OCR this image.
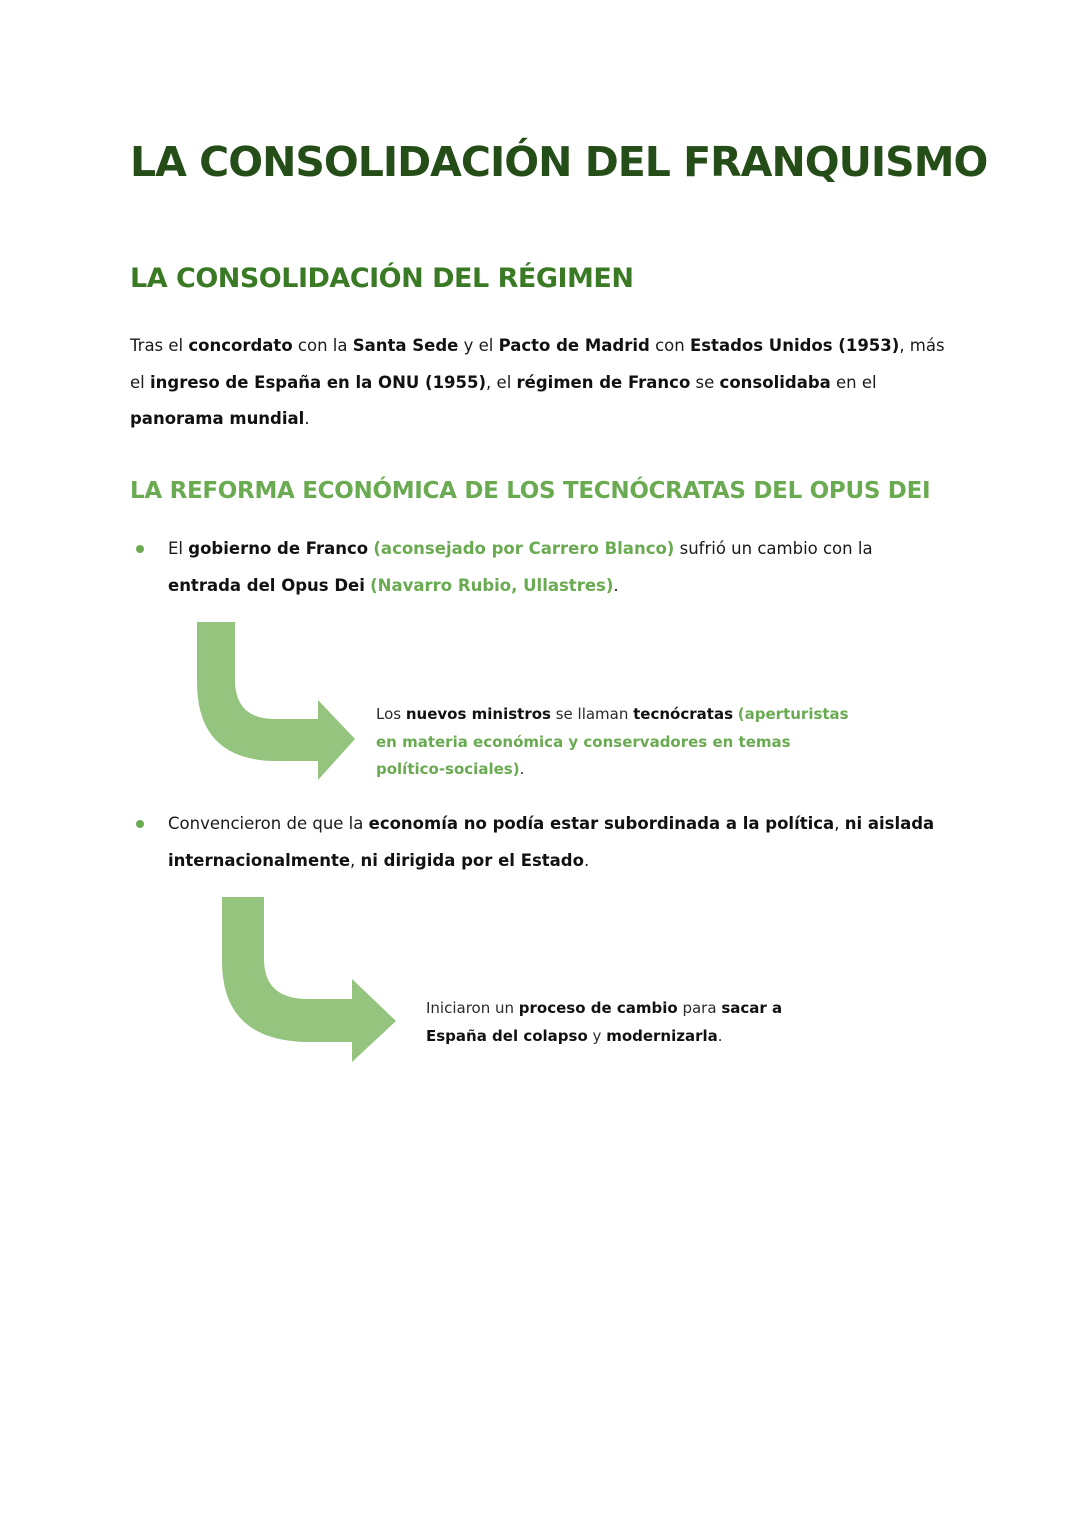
LA CONSOLIDACIÓN DEL FRANQUISMO
LA CONSOLIDACIÓN DEL RÉGIMEN

Tras el concordato con la Santa Sede y el Pacto de Madrid con Estados Unidos (1953), más el ingreso de España en la ONU (1955), el régimen de Franco se consolidaba en el panorama mundial.

LA REFORMA ECONÓMICA DE LOS TECNÓCRATAS DEL OPUS DEI

El gobierno de Franco (aconsejado por Carrero Blanco) sufrió un cambio con la entrada del Opus Dei (Navarro Rubio, Ullastres).

Los nuevos ministros se llaman tecnócratas (aperturistas en materia económica y conservadores en temas político-sociales).

Convencieron de que la economía no podía estar subordinada a la política, ni aislada internacionalmente, ni dirigida por el Estado.

Iniciaron un proceso de cambio para sacar a España del colapso y modernizarla.
